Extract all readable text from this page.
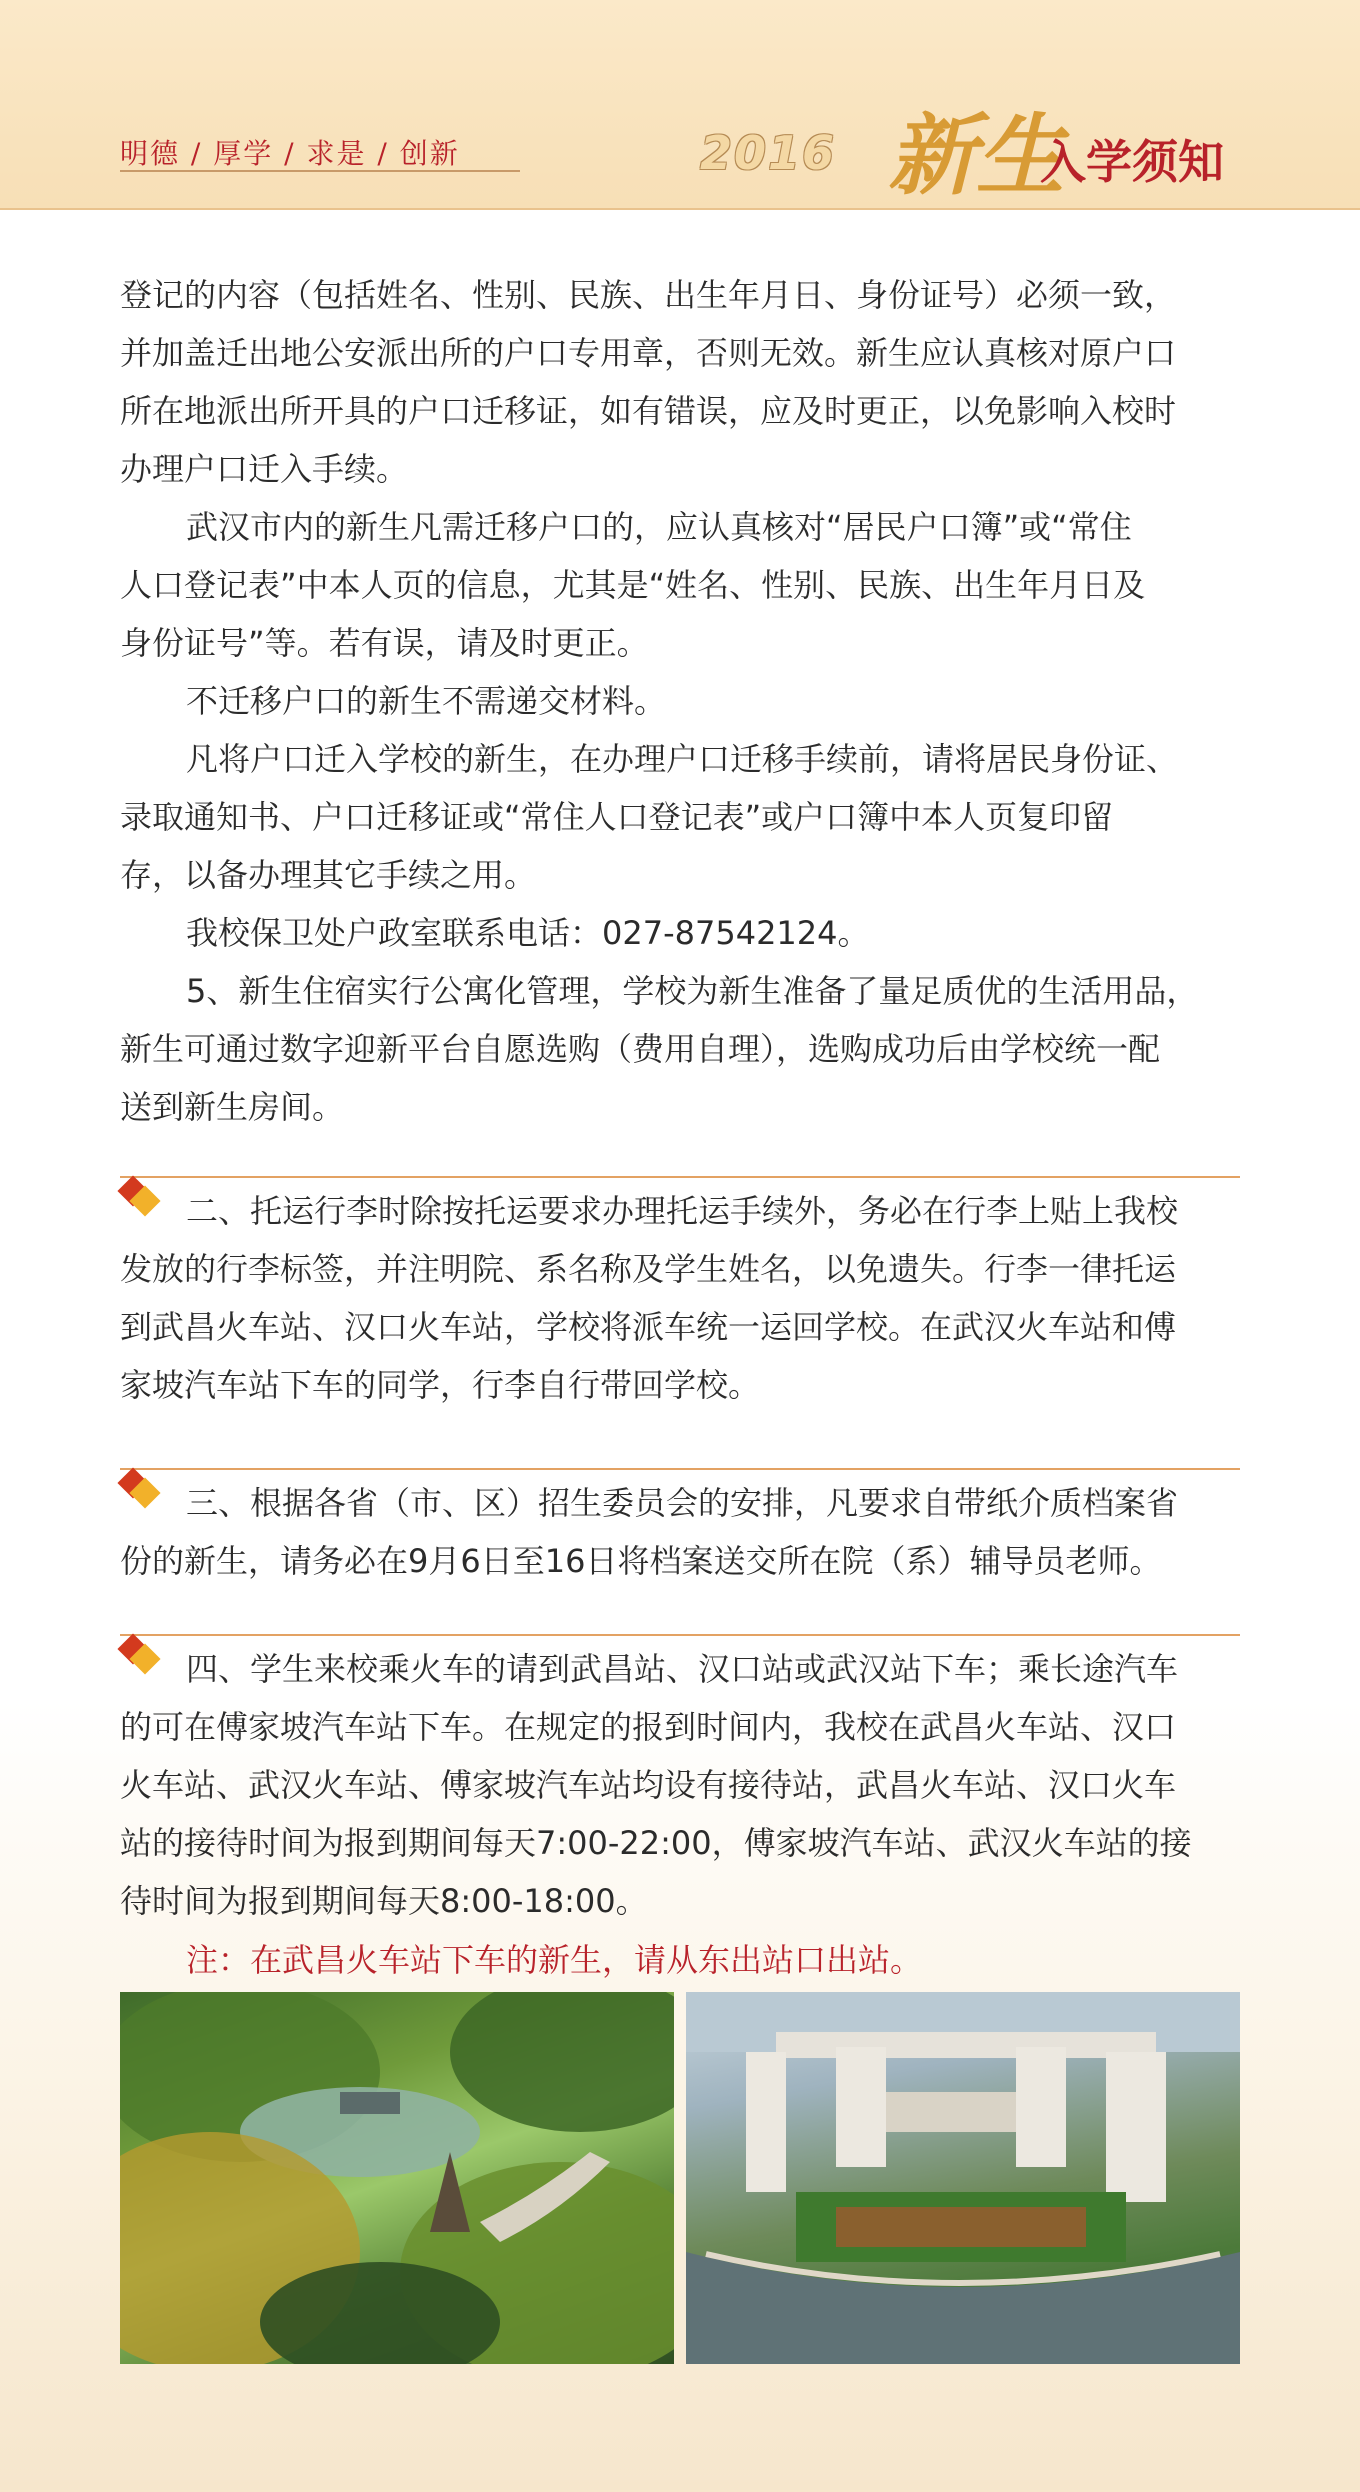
明德 / 厚学 / 求是 / 创新	2016 新生
入学须知
登记的内容（包括姓名、性别、民族、出生年月日、身份证号）必须一致，
并加盖迁出地公安派出所的户口专用章，否则无效。新生应认真核对原户口
所在地派出所开具的户口迁移证，如有错误，应及时更正，以免影响入校时
办理户口迁入手续。
武汉市内的新生凡需迁移户口的，应认真核对“居民户口簿”或“常住
人口登记表”中本人页的信息，尤其是“姓名、性别、民族、出生年月日及
身份证号”等。若有误，请及时更正。
不迁移户口的新生不需递交材料。
凡将户口迁入学校的新生，在办理户口迁移手续前，请将居民身份证、
录取通知书、户口迁移证或“常住人口登记表”或户口簿中本人页复印留
存，以备办理其它手续之用。
我校保卫处户政室联系电话：027-87542124。
5、新生住宿实行公寓化管理，学校为新生准备了量足质优的生活用品，
新生可通过数字迎新平台自愿选购（费用自理），选购成功后由学校统一配
送到新生房间。
二、托运行李时除按托运要求办理托运手续外，务必在行李上贴上我校
发放的行李标签，并注明院、系名称及学生姓名，以免遗失。行李一律托运
到武昌火车站、汉口火车站，学校将派车统一运回学校。在武汉火车站和傅
家坡汽车站下车的同学，行李自行带回学校。
三、根据各省（市、区）招生委员会的安排，凡要求自带纸介质档案省
份的新生，请务必在9月6日至16日将档案送交所在院（系）辅导员老师。
四、学生来校乘火车的请到武昌站、汉口站或武汉站下车；乘长途汽车
的可在傅家坡汽车站下车。在规定的报到时间内，我校在武昌火车站、汉口
火车站、武汉火车站、傅家坡汽车站均设有接待站，武昌火车站、汉口火车
站的接待时间为报到期间每天7:00-22:00，傅家坡汽车站、武汉火车站的接
待时间为报到期间每天8:00-18:00。
注：在武昌火车站下车的新生，请从东出站口出站。
